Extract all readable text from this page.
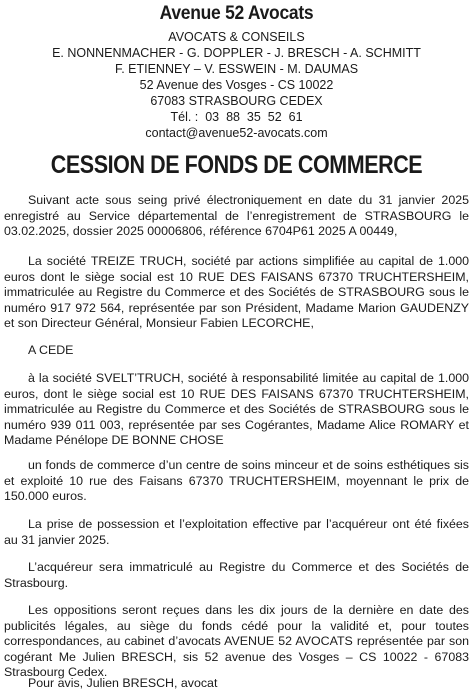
Avenue 52 Avocats
AVOCATS & CONSEILS
E. NONNENMACHER - G. DOPPLER - J. BRESCH - A. SCHMITT
F. ETIENNEY – V. ESSWEIN - M. DAUMAS
52 Avenue des Vosges - CS 10022
67083 STRASBOURG CEDEX
Tél. :  03  88  35  52  61
contact@avenue52-avocats.com
CESSION DE FONDS DE COMMERCE

Suivant acte sous seing privé électroniquement en date du 31 janvier 2025 enregistré au Service départemental de l’enregistrement de STRASBOURG le 03.02.2025, dossier 2025 00006806, référence 6704P61 2025 A 00449,

La société TREIZE TRUCH, société par actions simplifiée au capital de 1.000 euros dont le siège social est 10 RUE DES FAISANS 67370 TRUCHTERSHEIM, immatriculée au Registre du Commerce et des Sociétés de STRASBOURG sous le numéro 917 972 564, représentée par son Président, Madame Marion GAUDENZY et son Directeur Général, Monsieur Fabien LECORCHE,

A CEDE

à la société SVELT’TRUCH, société à responsabilité limitée au capital de 1.000 euros, dont le siège social est 10 RUE DES FAISANS 67370 TRUCHTERSHEIM, immatriculée au Registre du Commerce et des Sociétés de STRASBOURG sous le numéro 939 011 003, représentée par ses Cogérantes, Madame Alice ROMARY et Madame Pénélope DE BONNE CHOSE

un fonds de commerce d’un centre de soins minceur et de soins esthétiques sis et exploité 10 rue des Faisans 67370 TRUCHTERSHEIM, moyennant le prix de 150.000 euros.

La prise de possession et l’exploitation effective par l’acquéreur ont été fixées au 31 janvier 2025.

L’acquéreur sera immatriculé au Registre du Commerce et des Sociétés de Strasbourg.

Les oppositions seront reçues dans les dix jours de la dernière en date des publicités légales, au siège du fonds cédé pour la validité et, pour toutes correspondances, au cabinet d’avocats AVENUE 52 AVOCATS représentée par son cogérant Me Julien BRESCH, sis 52 avenue des Vosges – CS 10022 - 67083 Strasbourg Cedex.

Pour avis, Julien BRESCH, avocat
